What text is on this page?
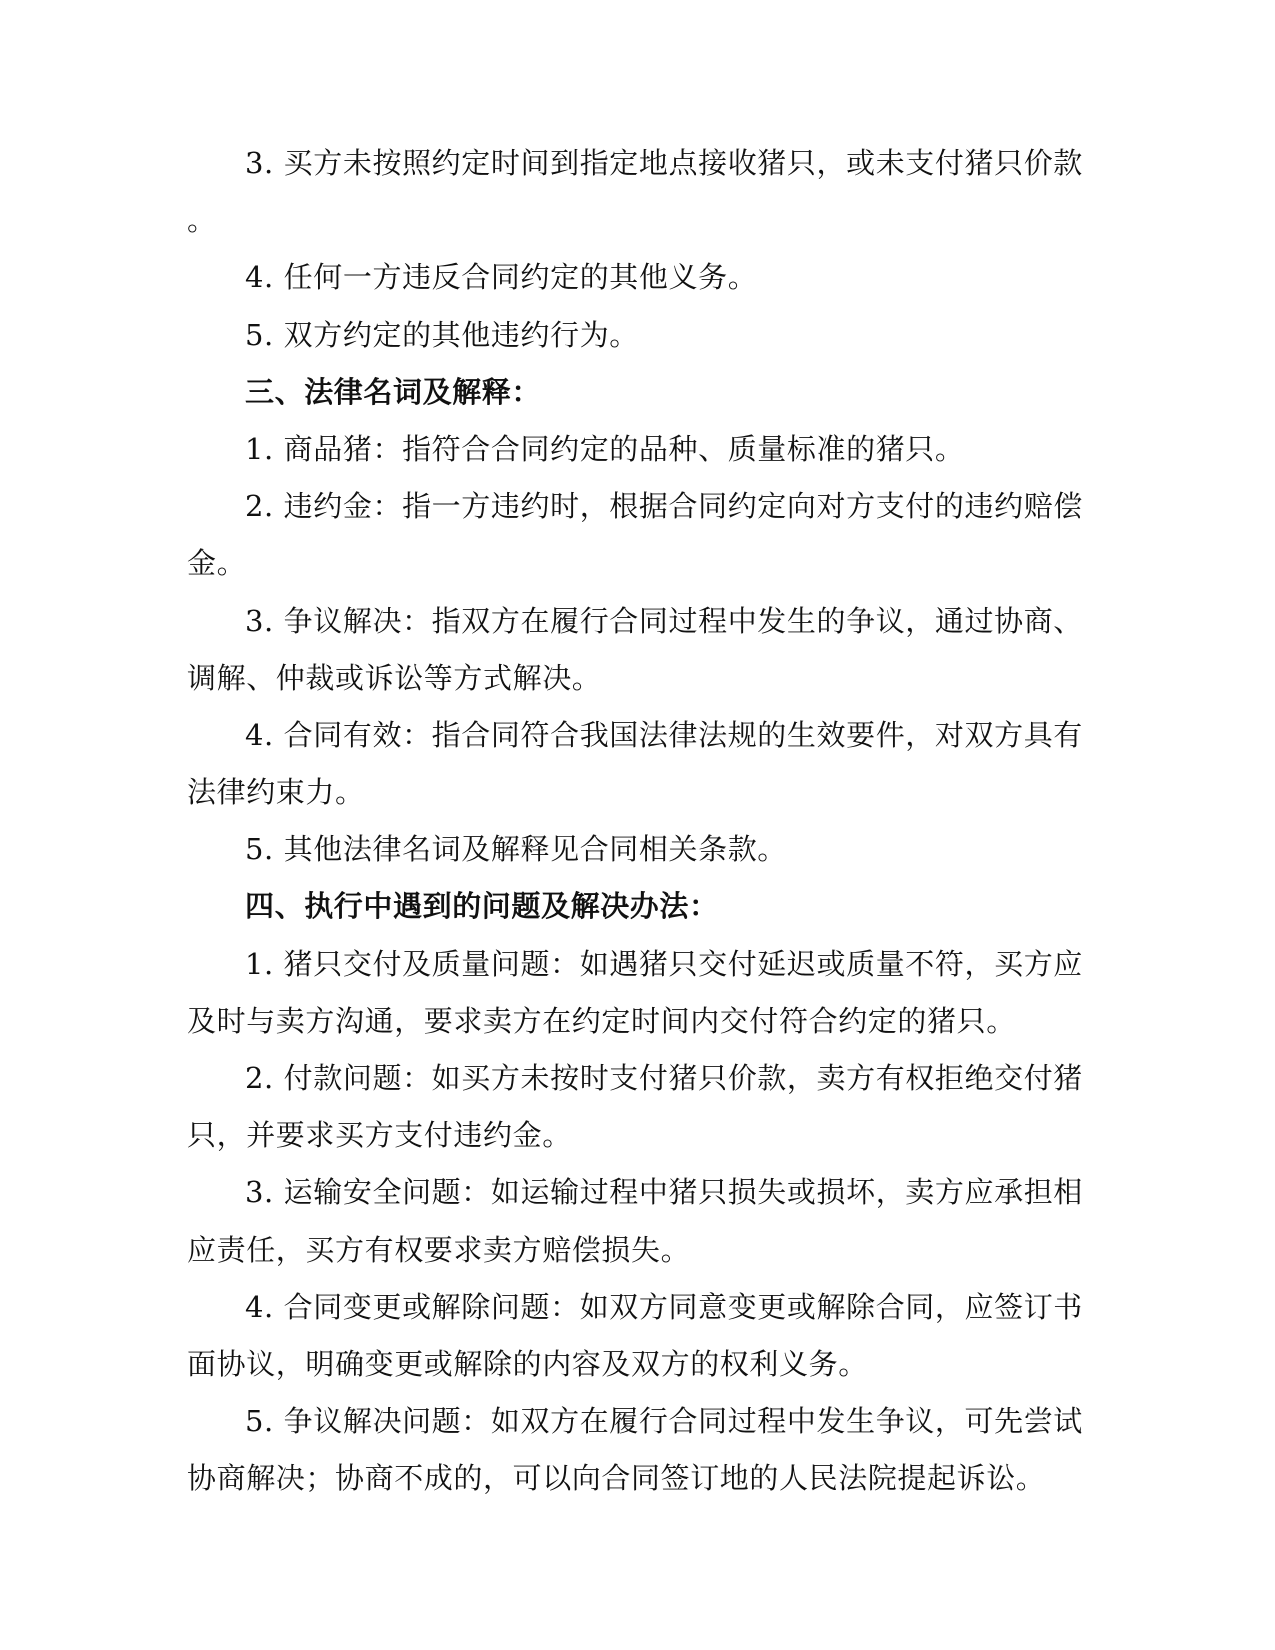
3. 买方未按照约定时间到指定地点接收猪只，或未支付猪只价款
。
4. 任何一方违反合同约定的其他义务。
5. 双方约定的其他违约行为。
三、法律名词及解释：
1. 商品猪：指符合合同约定的品种、质量标准的猪只。
2. 违约金：指一方违约时，根据合同约定向对方支付的违约赔偿
金。
3. 争议解决：指双方在履行合同过程中发生的争议，通过协商、
调解、仲裁或诉讼等方式解决。
4. 合同有效：指合同符合我国法律法规的生效要件，对双方具有
法律约束力。
5. 其他法律名词及解释见合同相关条款。
四、执行中遇到的问题及解决办法：
1. 猪只交付及质量问题：如遇猪只交付延迟或质量不符，买方应
及时与卖方沟通，要求卖方在约定时间内交付符合约定的猪只。
2. 付款问题：如买方未按时支付猪只价款，卖方有权拒绝交付猪
只，并要求买方支付违约金。
3. 运输安全问题：如运输过程中猪只损失或损坏，卖方应承担相
应责任，买方有权要求卖方赔偿损失。
4. 合同变更或解除问题：如双方同意变更或解除合同，应签订书
面协议，明确变更或解除的内容及双方的权利义务。
5. 争议解决问题：如双方在履行合同过程中发生争议，可先尝试
协商解决；协商不成的，可以向合同签订地的人民法院提起诉讼。
